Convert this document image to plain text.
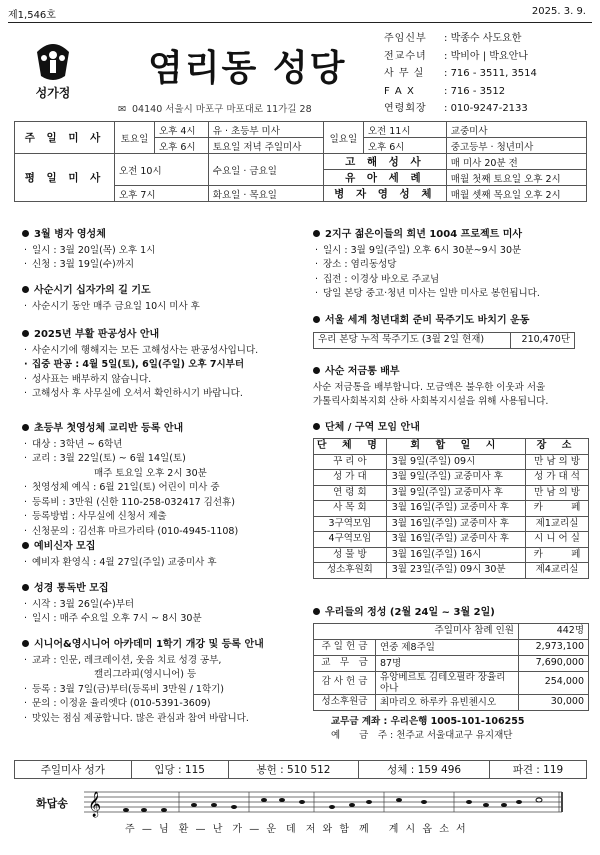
제1,546호	2025. 3. 9.
성가정
염리동 성당
✉ 04140 서울시 마포구 마포대로 11가길 28
주임신부	: 박종수 사도요한
전교수녀	: 박비아 | 박요안나
사 무 실	: 716 - 3511, 3514
F A X	: 716 - 3512
연령회장	: 010-9247-2133
주 일 미 사	토요일	오후 4시	유 · 초등부 미사	일요일	오전 11시	교중미사
		오후 6시	토요일 저녁 주일미사		오후 6시	중고등부 · 청년미사
평 일 미 사	오전 10시		수요일 · 금요일	고 해 성 사		매 미사 20분 전
				유 아 세 례		매월 첫째 토요일 오후 2시
	오후 7시		화요일 · 목요일	병 자 영 성 체		매월 셋째 목요일 오후 2시
3월 병자 영성체
· 일시 : 3월 20일(목) 오후 1시
· 신청 : 3월 19일(수)까지
사순시기 십자가의 길 기도
· 사순시기 동안 매주 금요일 10시 미사 후
2025년 부활 판공성사 안내
· 사순시기에 행해지는 모든 고해성사는 판공성사입니다.
· 집중 판공 : 4월 5일(토), 6일(주일) 오후 7시부터
· 성사표는 배부하지 않습니다.
· 고해성사 후 사무실에 오셔서 확인하시기 바랍니다.
초등부 첫영성체 교리반 등록 안내
· 대상 : 3학년 ~ 6학년
· 교리 : 3월 22일(토) ~ 6월 14일(토)
매주 토요일 오후 2시 30분
· 첫영성체 예식 : 6월 21일(토) 어린이 미사 중
· 등록비 : 3만원 (신한 110-258-032417 김선휴)
· 등록방법 : 사무실에 신청서 제출
· 신청문의 : 김선휴 마르가리타 (010-4945-1108)
예비신자 모집
· 예비자 환영식 : 4월 27일(주일) 교중미사 후
성경 통독반 모집
· 시작 : 3월 26일(수)부터
· 일시 : 매주 수요일 오후 7시 ~ 8시 30분
시니어&영시니어 아카데미 1학기 개강 및 등록 안내
· 교과 : 인문, 레크레이션, 웃음 치료 성경 공부,
캘리그라피(영시니어) 등
· 등록 : 3월 7일(금)부터(등록비 3만원 / 1학기)
· 문의 : 이정윤 율리엣다 (010-5391-3609)
· 맛있는 점심 제공합니다. 많은 관심과 참여 바랍니다.
2지구 젊은이들의 희년 1004 프로젝트 미사
· 일시 : 3월 9일(주일) 오후 6시 30분~9시 30분
· 장소 : 염리동성당
· 집전 : 이경상 바오로 주교님
· 당일 본당 중고·청년 미사는 일반 미사로 봉헌됩니다.
서울 세계 청년대회 준비 묵주기도 바치기 운동
우리 본당 누적 묵주기도 (3월 2일 현재)	210,470단
사순 저금통 배부
사순 저금통을 배부합니다. 모금액은 불우한 이웃과 서울
가톨릭사회복지회 산하 사회복지시설을 위해 사용됩니다.
단체 / 구역 모임 안내
단 체 명	회 합 일 시	장 소
꾸 리 아	3월 9일(주일) 09시	만 남 의 방
성 가 대	3월 9일(주일) 교중미사 후	성 가 대 석
연 령 회	3월 9일(주일) 교중미사 후	만 남 의 방
사 목 회	3월 16일(주일) 교중미사 후	카　　　페
3구역모임	3월 16일(주일) 교중미사 후	제1교리실
4구역모임	3월 16일(주일) 교중미사 후	시 니 어 실
성 물 방	3월 16일(주일) 16시	카　　　페
성소후원회	3월 23일(주일) 09시 30분	제4교리실
우리들의 정성 (2월 24일 ~ 3월 2일)
주일미사 참례 인원		442명
주 일 헌 금	연중 제8주일	2,973,100
교　무　금	87명	7,690,000
감 사 헌 금	유앙베르토 김테오필라 장율리아나	254,000
성소후원금	최마리오 하루카 유빈첸시오	30,000
교무금 계좌 : 우리은행 1005-101-106255
예　　금　주 : 천주교 서울대교구 유지재단
주일미사 성가	입당 : 115	봉헌 : 510 512	성체 : 159 496	파견 : 119
화답송 𝄞
주 — 님　환 — 난　가 — 운　데　저 와 함　께　　계 시 옵 소 서
